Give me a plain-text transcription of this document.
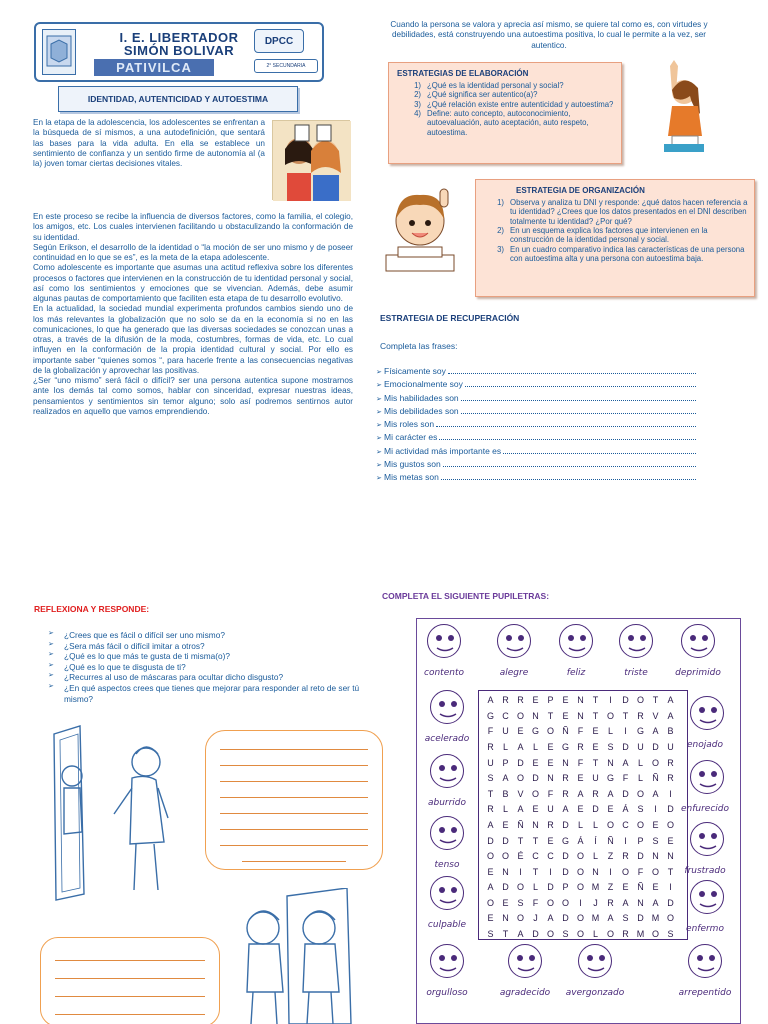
I. E. LIBERTADOR
SIMÓN BOLIVAR
PATIVILCA
DPCC
2° SECUNDARIA
IDENTIDAD, AUTENTICIDAD Y AUTOESTIMA
En la etapa de la adolescencia, los adolescentes se enfrentan a la búsqueda de sí mismos, a una autodefinición, que sentará las bases para la vida adulta. En ella se establece un sentimiento de confianza y un sentido firme de autonomía al (a la) joven tomar ciertas decisiones vitales.

En este proceso se recibe la influencia de diversos factores, como la familia, el colegio, los amigos, etc. Los cuales intervienen facilitando u obstaculizando la conformación de su identidad.

Según Erikson, el desarrollo de la identidad o “la moción de ser uno mismo y de poseer continuidad en lo que se es”, es la meta de la etapa adolescente.

Como adolescente es importante que asumas una actitud reflexiva sobre los diferentes procesos o factores que intervienen en la construcción de tu identidad personal y social, así como los sentimientos y emociones que se vivencian. Además, debe asumir algunas pautas de comportamiento que faciliten esta etapa de tu desarrollo evolutivo.

En la actualidad, la sociedad mundial experimenta profundos cambios siendo uno de los más relevantes la globalización que no solo se da en la economía si no en las comunicaciones, lo que ha generado que las diversas sociedades se conozcan unas a otras, a través de la difusión de la moda, costumbres, formas de vida, etc. Lo cual influyen en la conformación de la propia identidad cultural y social. Por ello es importante saber “quienes somos “, para hacerle frente a las consecuencias negativas de la globalización y aprovechar las positivas.

¿Ser “uno mismo” será fácil o difícil? ser una persona autentica supone mostrarnos ante los demás tal como somos, hablar con sinceridad, expresar nuestras ideas, pensamientos y sentimientos sin temor alguno; solo así podremos sentirnos autor realizados en aquello que vamos emprendiendo.

Cuando la persona se valora y aprecia así mismo, se quiere tal como es, con virtudes y debilidades, está construyendo una autoestima positiva, lo cual le permite a la vez, ser autentico.
ESTRATEGIAS DE ELABORACIÓN
1) ¿Qué es la identidad personal y social?
2) ¿Qué significa ser autentico(a)?
3) ¿Qué relación existe entre autenticidad y autoestima?
4) Define: auto concepto, autoconocimiento, autoevaluación, auto aceptación, auto respeto, autoestima.
ESTRATEGIA DE ORGANIZACIÓN
1) Observa y analiza tu DNI y responde: ¿qué datos hacen referencia a tu identidad? ¿Crees que los datos presentados en el DNI describen totalmente tu identidad? ¿Por qué?
2) En un esquema explica los factores que intervienen en la construcción de la identidad personal y social.
3) En un cuadro comparativo indica las características de una persona con autoestima alta y una persona con autoestima baja.
ESTRATEGIA DE RECUPERACIÓN
Completa las frases:
➢ Físicamente soy
➢ Emocionalmente soy
➢ Mis habilidades son
➢ Mis debilidades son
➢ Mis roles son
➢ Mi carácter es
➢ Mi actividad más importante es
➢ Mis gustos son
➢ Mis metas son
REFLEXIONA Y RESPONDE:
➢	¿Crees que es fácil o difícil ser uno mismo?
➢	¿Sera más fácil o difícil imitar a otros?
➢	¿Qué es lo que más te gusta de ti misma(o)?
➢	¿Qué es lo que te disgusta de ti?
➢	¿Recurres al uso de máscaras para ocultar dicho disgusto?
➢	¿En qué aspectos crees que tienes que mejorar para responder al reto de ser tú mismo?
COMPLETA EL SIGUIENTE PUPILETRAS:
contento	alegre	feliz	triste	deprimido
acelerado
aburrido
tenso
culpable
enojado
enfurecido
frustrado
enfermo
orgulloso	agradecido	avergonzado	arrepentido
A R R E P E N	T	I	D O T	A
G C O N	T	E N	T O T	R V A
F	U E G O Ñ	F	E	L	I	G A B
R	L	A	L	E G R E S D U D U
U P D E E N	F	T	N A	L O R
S A O D N R E U G F	L	Ñ R
T	B V O F	R A R A D O A	I
R	L	A E U A E D E Á S	I	D
A E Ñ N R D	L	L O C O E O
D D	T	T	E G Á	Í	Ñ	I	P S E
O O É C C D O L	Z	R D N N
E N	I	T	I	D O N	I	O F O T
A D O L	D P O M Z	E Ñ E	I
O E S	F O O	I	J	R A N A D
E N O	J	A D O M A S D M O
S	T	A D O S O L O R M O S
